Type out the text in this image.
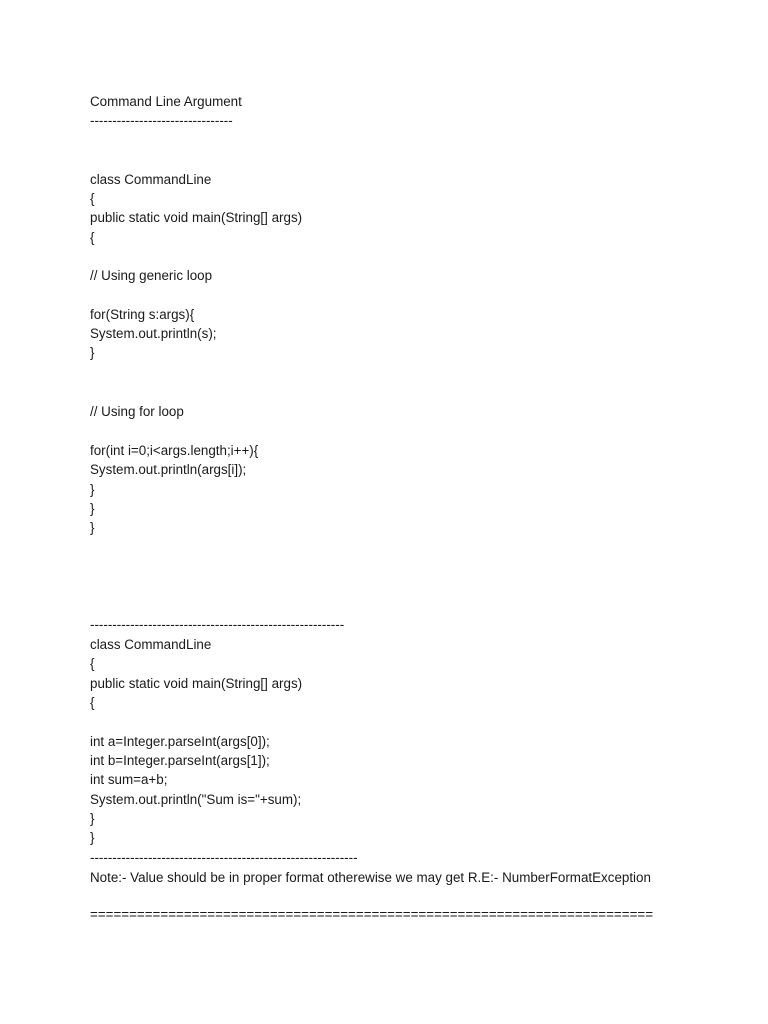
Command Line Argument

--------------------------------

class CommandLine

{

public static void main(String[] args)

{

// Using generic loop

for(String s:args){

System.out.println(s);

}

// Using for loop

for(int i=0;i<args.length;i++){

System.out.println(args[i]);

}

}

}

---------------------------------------------------------

class CommandLine

{

public static void main(String[] args)

{

int a=Integer.parseInt(args[0]);

int b=Integer.parseInt(args[1]);

int sum=a+b;

System.out.println("Sum is="+sum);

}

}

------------------------------------------------------------

Note:- Value should be in proper format otherewise we may get R.E:- NumberFormatException

========================================================================
